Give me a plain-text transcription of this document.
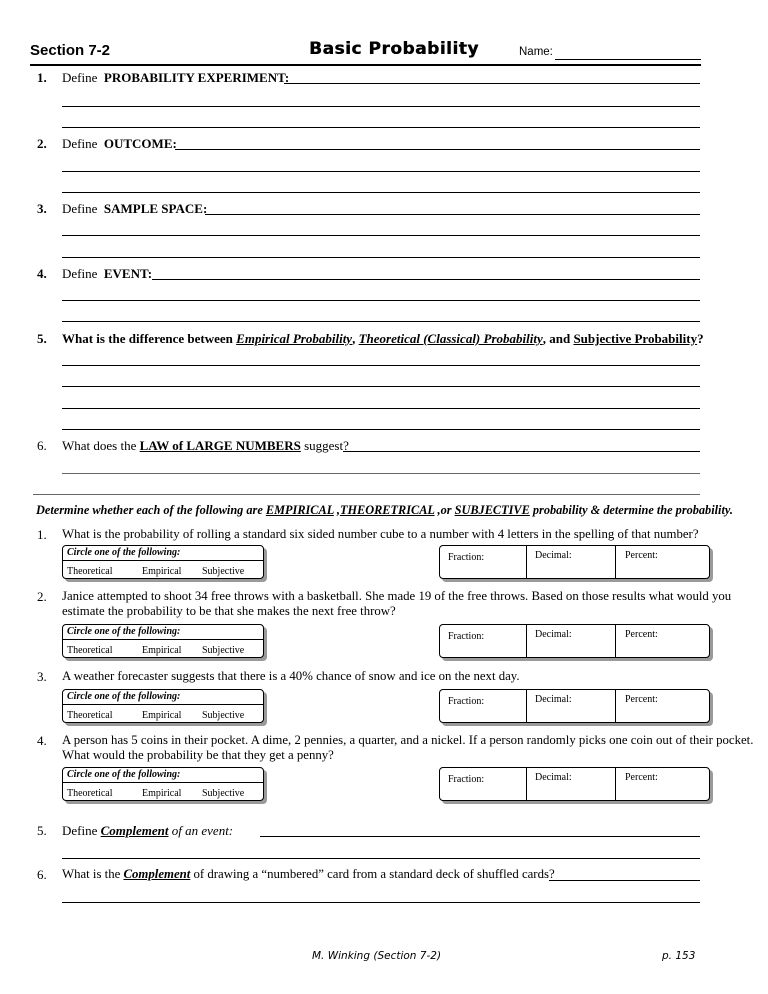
Section 7-2	Basic Probability	Name:
1. Define PROBABILITY EXPERIMENT:
2. Define OUTCOME:
3. Define SAMPLE SPACE:
4. Define EVENT:
5. What is the difference between Empirical Probability, Theoretical (Classical) Probability, and Subjective Probability?
6. What does the LAW of LARGE NUMBERS suggest?
Determine whether each of the following are EMPIRICAL ,THEORETRICAL ,or SUBJECTIVE probability & determine the probability.
1. What is the probability of rolling a standard six sided number cube to a number with 4 letters in the spelling of that number?
Circle one of the following:
Theoretical	Empirical Subjective
Fraction:	Decimal:	Percent:
2. Janice attempted to shoot 34 free throws with a basketball. She made 19 of the free throws. Based on those results what would you
estimate the probability to be that she makes the next free throw?
Circle one of the following:
Theoretical	Empirical Subjective
Fraction:	Decimal:	Percent:
3. A weather forecaster suggests that there is a 40% chance of snow and ice on the next day.
Circle one of the following:
Theoretical	Empirical Subjective
Fraction:	Decimal:	Percent:
4. A person has 5 coins in their pocket. A dime, 2 pennies, a quarter, and a nickel. If a person randomly picks one coin out of their pocket.
What would the probability be that they get a penny?
Circle one of the following:
Theoretical	Empirical Subjective
Fraction:	Decimal:	Percent:
5. Define Complement of an event:
6. What is the Complement of drawing a “numbered” card from a standard deck of shuffled cards?
M. Winking (Section 7-2)	p. 153
